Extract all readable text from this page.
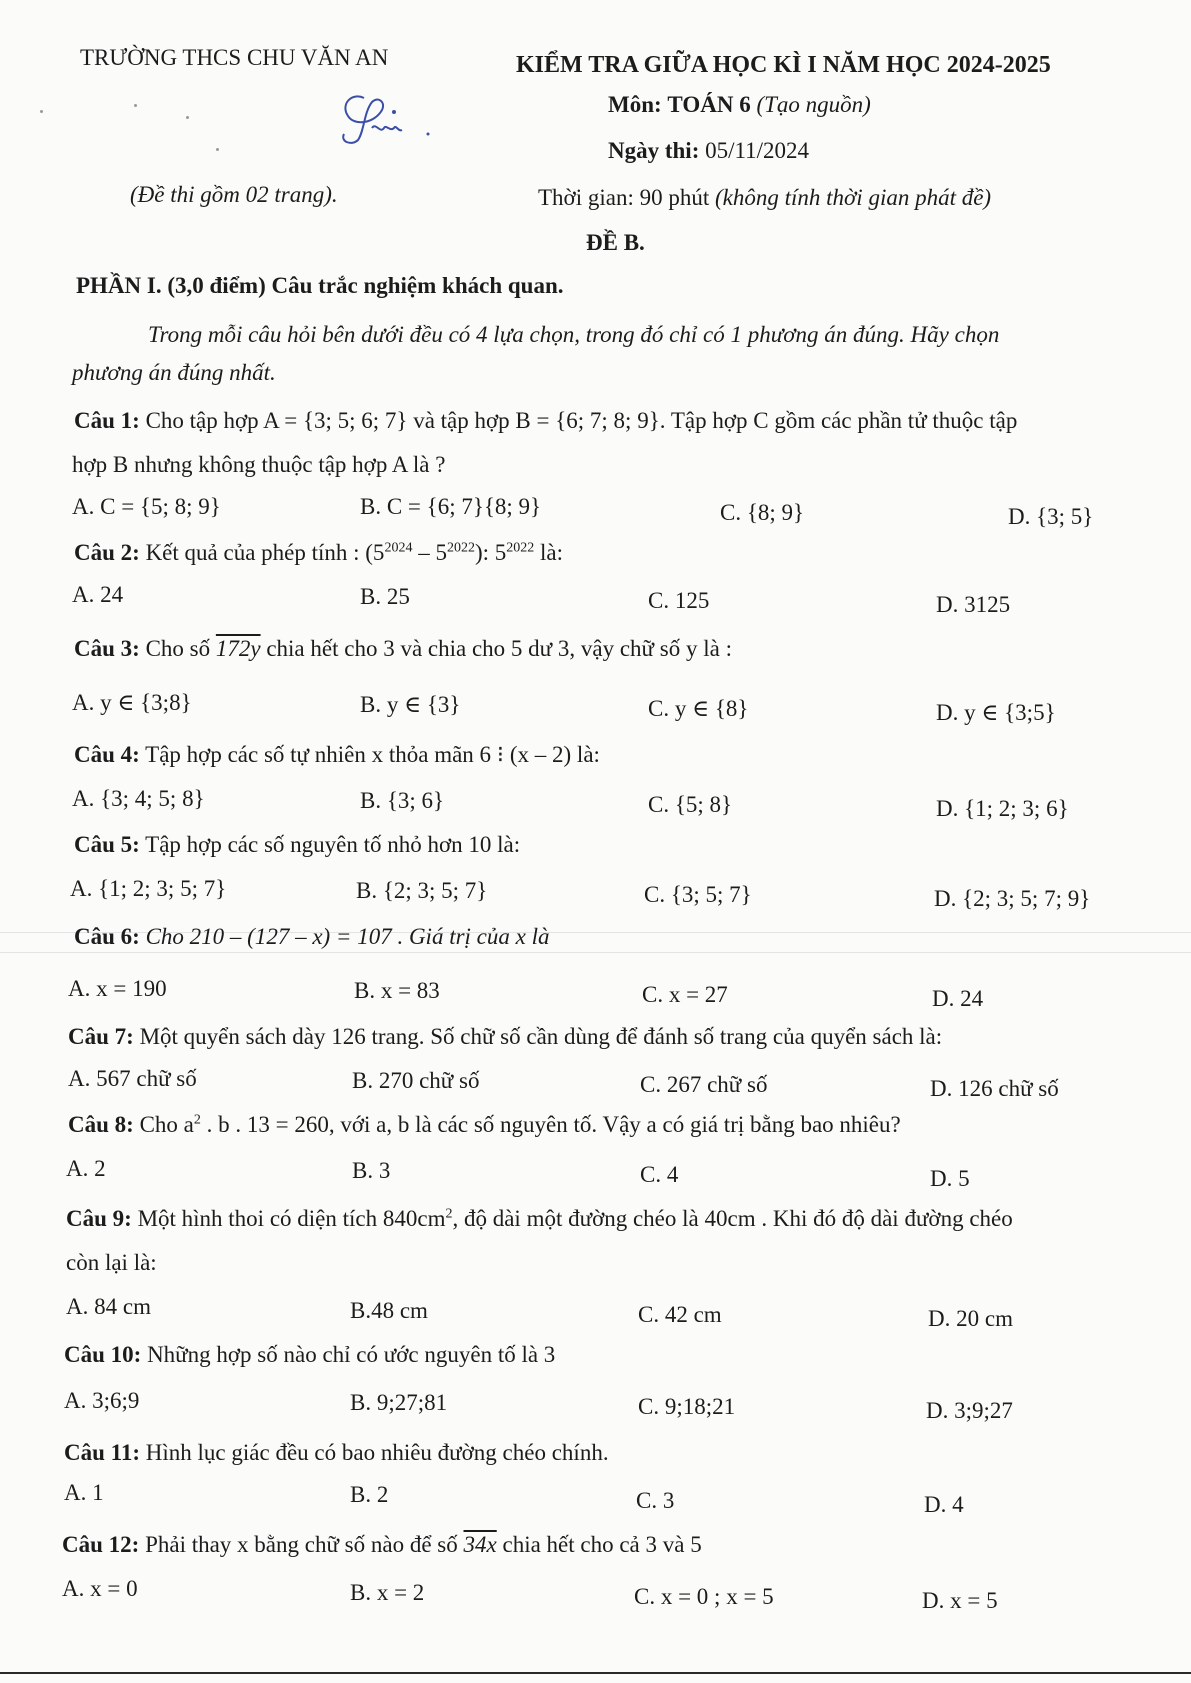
TRƯỜNG THCS CHU VĂN AN	KIỂM TRA GIỮA HỌC KÌ I NĂM HỌC 2024-2025
Môn: TOÁN 6 (Tạo nguồn)
Ngày thi: 05/11/2024
(Đề thi gồm 02 trang).	Thời gian: 90 phút (không tính thời gian phát đề)
ĐỀ B.
PHẦN I. (3,0 điểm) Câu trắc nghiệm khách quan.
Trong mỗi câu hỏi bên dưới đều có 4 lựa chọn, trong đó chỉ có 1 phương án đúng. Hãy chọn
phương án đúng nhất.
Câu 1: Cho tập hợp A = {3; 5; 6; 7} và tập hợp B = {6; 7; 8; 9}. Tập hợp C gồm các phần tử thuộc tập
hợp B nhưng không thuộc tập hợp A là ?
A. C = {5; 8; 9}	B. C = {6; 7}{8; 9}	C. {8; 9}	D. {3; 5}
Câu 2: Kết quả của phép tính : $(5^{2024} - 5^{2022})$: $5^{2022}$ là:
A. 24	B. 25	C. 125	D. 3125
Câu 3: Cho số 172y chia hết cho 3 và chia cho 5 dư 3, vậy chữ số y là :
A. y ∈ {3;8}	B. y ∈ {3}	C. y ∈ {8}	D. y ∈ {3;5}
Câu 4: Tập hợp các số tự nhiên x thỏa mãn 6 ⁝ (x – 2) là:
A. {3; 4; 5; 8}	B. {3; 6}	C. {5; 8}	D. {1; 2; 3; 6}
Câu 5: Tập hợp các số nguyên tố nhỏ hơn 10 là:
A. {1; 2; 3; 5; 7}	B. {2; 3; 5; 7}	C. {3; 5; 7}	D. {2; 3; 5; 7; 9}
Câu 6: Cho 210 – (127 – x) = 107 . Giá trị của x là
A. x = 190	B. x = 83	C. x = 27	D. 24
Câu 7: Một quyển sách dày 126 trang. Số chữ số cần dùng để đánh số trang của quyển sách là:
A. 567 chữ số	B. 270 chữ số	C. 267 chữ số	D. 126 chữ số
Câu 8: Cho $a^2$ . b . 13 = 260, với a, b là các số nguyên tố. Vậy a có giá trị bằng bao nhiêu?
A. 2	B. 3	C. 4	D. 5
Câu 9: Một hình thoi có diện tích $840cm^2$, độ dài một đường chéo là 40cm . Khi đó độ dài đường chéo
còn lại là:
A. 84 cm	B.48 cm	C. 42 cm	D. 20 cm
Câu 10: Những hợp số nào chỉ có ước nguyên tố là 3
A. 3;6;9	B. 9;27;81	C. 9;18;21	D. 3;9;27
Câu 11: Hình lục giác đều có bao nhiêu đường chéo chính.
A. 1	B. 2	C. 3	D. 4
Câu 12: Phải thay x bằng chữ số nào để số 34x chia hết cho cả 3 và 5
A. x = 0	B. x = 2	C. x = 0 ; x = 5	D. x = 5
